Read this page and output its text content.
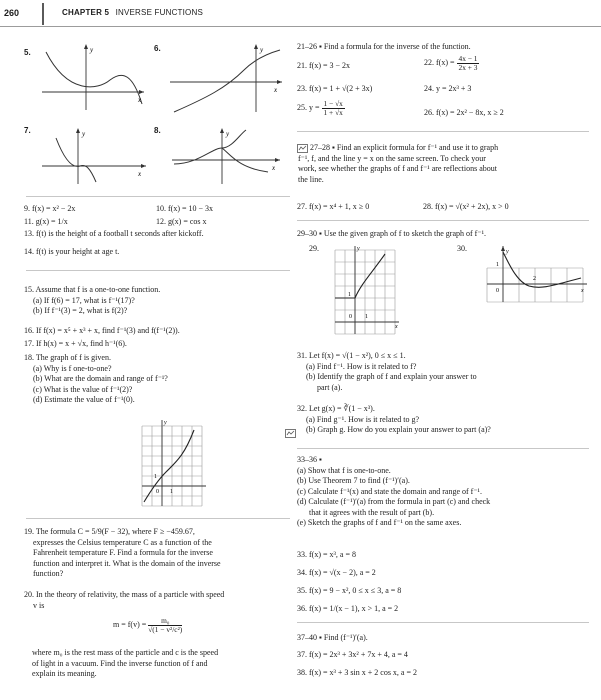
260	CHAPTER 5 INVERSE FUNCTIONS
5.	y
x
6.	y
x
7.	y
x
8.	y
x
9. f(x) = x² − 2x	10. f(x) = 10 − 3x
11. g(x) = 1/x	12. g(x) = cos x
13. f(t) is the height of a football t seconds after kickoff.
14. f(t) is your height at age t.
15. Assume that f is a one-to-one function.
(a) If f(6) = 17, what is f⁻¹(17)?
(b) If f⁻¹(3) = 2, what is f(2)?
16. If f(x) = x⁵ + x³ + x, find f⁻¹(3) and f(f⁻¹(2)).
17. If h(x) = x + √x, find h⁻¹(6).
18. The graph of f is given.
(a) Why is f one-to-one?
(b) What are the domain and range of f⁻¹?
(c) What is the value of f⁻¹(2)?
(d) Estimate the value of f⁻¹(0).
y
1
0 1
19. The formula C = 5/9(F − 32), where F ≥ −459.67,
expresses the Celsius temperature C as a function of the
Fahrenheit temperature F. Find a formula for the inverse
function and interpret it. What is the domain of the inverse
function?
20. In the theory of relativity, the mass of a particle with speed
v is
$m = f(v) = \frac{\text{m₀}}{\text{√(1 − v²/c²)}}$
where m₀ is the rest mass of the particle and c is the speed
of light in a vacuum. Find the inverse function of f and
explain its meaning.
21–26 ▪ Find a formula for the inverse of the function.
21. f(x) = 3 − 2x	22. $f(x) = \frac{4x - 1}{2x + 3}$
23. f(x) = 1 + √(2 + 3x)	24. y = 2x³ + 3
25. $y = \frac{1 - √x}{1 + √x}$	26. f(x) = 2x² − 8x, x ≥ 2
27–28 ▪ Find an explicit formula for f⁻¹ and use it to graph
f⁻¹, f, and the line y = x on the same screen. To check your
work, see whether the graphs of f and f⁻¹ are reflections about
the line.
27. f(x) = x⁴ + 1, x ≥ 0	28. f(x) = √(x² + 2x), x > 0
29–30 ▪ Use the given graph of f to sketch the graph of f⁻¹.
29.	y
1
0 1
x
30.	y
1
0
2
x
31. Let f(x) = √(1 − x²), 0 ≤ x ≤ 1.
(a) Find f⁻¹. How is it related to f?
(b) Identify the graph of f and explain your answer to
part (a).
32. Let g(x) = ∛(1 − x³).
(a) Find g⁻¹. How is it related to g?
(b) Graph g. How do you explain your answer to part (a)?
33–36 ▪
(a) Show that f is one-to-one.
(b) Use Theorem 7 to find (f⁻¹)′(a).
(c) Calculate f⁻¹(x) and state the domain and range of f⁻¹.
(d) Calculate (f⁻¹)′(a) from the formula in part (c) and check
that it agrees with the result of part (b).
(e) Sketch the graphs of f and f⁻¹ on the same axes.
33. f(x) = x³, a = 8
34. f(x) = √(x − 2), a = 2
35. f(x) = 9 − x², 0 ≤ x ≤ 3, a = 8
36. f(x) = 1/(x − 1), x > 1, a = 2
37–40 ▪ Find (f⁻¹)′(a).
37. f(x) = 2x³ + 3x² + 7x + 4, a = 4
38. f(x) = x³ + 3 sin x + 2 cos x, a = 2
